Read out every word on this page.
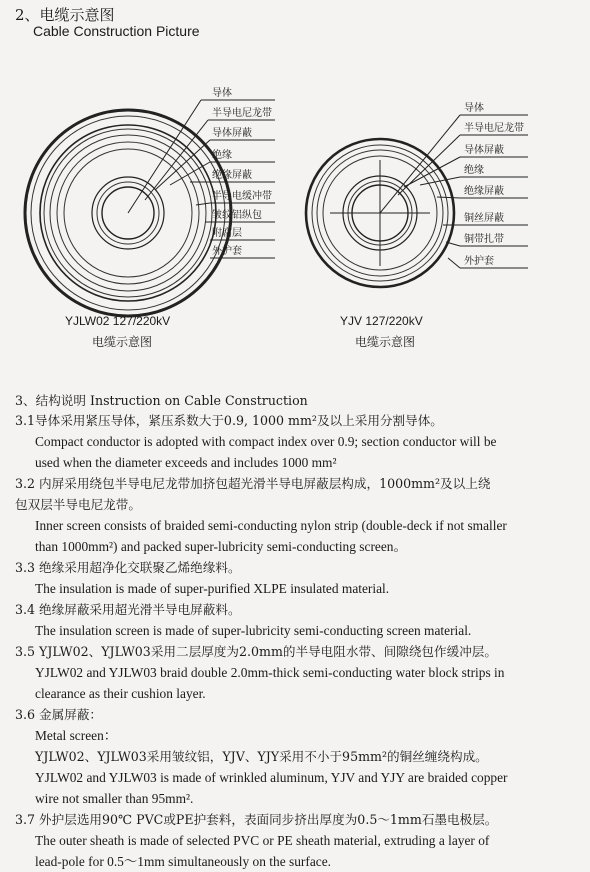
2、电缆示意图
Cable Construction Picture
导体
半导电尼龙带
导体屏蔽
绝缘
绝缘屏蔽
半导电缓冲带
皱纹铝纵包
附腐层
外护套
导体
半导电尼龙带
导体屏蔽
绝缘
绝缘屏蔽
铜丝屏蔽
铜带扎带
外护套
YJLW02 127/220kV
电缆示意图
YJV 127/220kV
电缆示意图
3、结构说明 Instruction on Cable Construction
3.1导体采用紧压导体，紧压系数大于0.9, 1000 mm²及以上采用分割导体。
Compact conductor is adopted with compact index over 0.9; section conductor will be
used when the diameter exceeds and includes 1000 mm²
3.2 内屏采用绕包半导电尼龙带加挤包超光滑半导电屏蔽层构成，1000mm²及以上绕
包双层半导电尼龙带。
Inner screen consists of braided semi-conducting nylon strip (double-deck if not smaller
than 1000mm²) and packed super-lubricity semi-conducting screen。
3.3 绝缘采用超净化交联聚乙烯绝缘料。
The insulation is made of super-purified XLPE insulated material.
3.4 绝缘屏蔽采用超光滑半导电屏蔽料。
The insulation screen is made of super-lubricity semi-conducting screen material.
3.5 YJLW02、YJLW03采用二层厚度为2.0mm的半导电阻水带、间隙绕包作缓冲层。
YJLW02 and YJLW03 braid double 2.0mm-thick semi-conducting water block strips in
clearance as their cushion layer.
3.6 金属屏蔽：
Metal screen：
YJLW02、YJLW03采用皱纹铝，YJV、YJY采用不小于95mm²的铜丝缠绕构成。
YJLW02 and YJLW03 is made of wrinkled aluminum, YJV and YJY are braided copper
wire not smaller than 95mm².
3.7 外护层选用90℃ PVC或PE护套料，表面同步挤出厚度为0.5～1mm石墨电极层。
The outer sheath is made of selected PVC or PE sheath material, extruding a layer of
lead-pole for 0.5～1mm simultaneously on the surface.
